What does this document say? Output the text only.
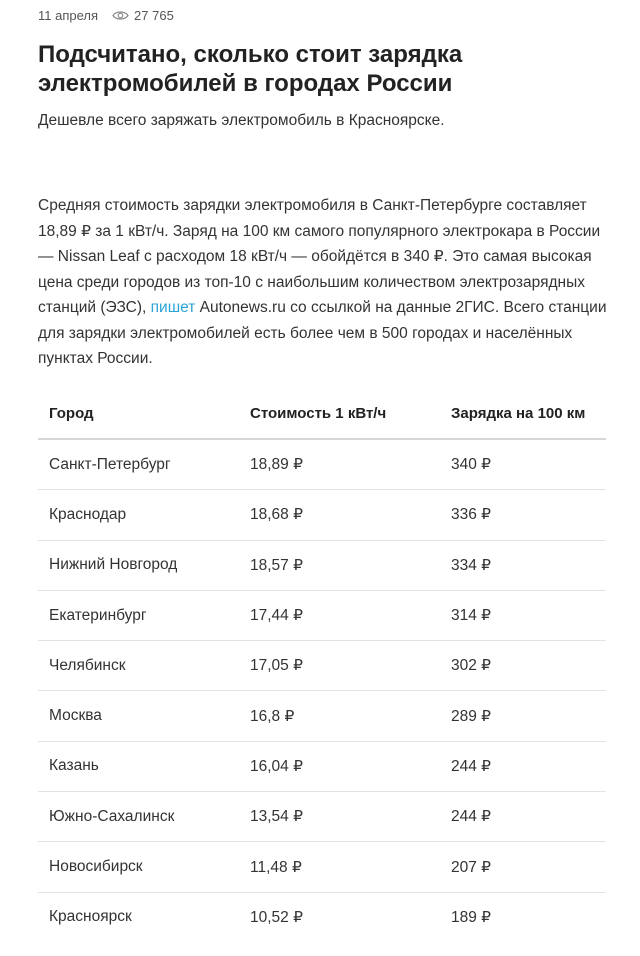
11 апреля	27 765
Подсчитано, сколько стоит зарядка электромобилей в городах России

Дешевле всего заряжать электромобиль в Красноярске.

Средняя стоимость зарядки электромобиля в Санкт-Петербурге составляет 18,89 ₽ за 1 кВт/ч. Заряд на 100 км самого популярного электрокара в России — Nissan Leaf с расходом 18 кВт/ч — обойдётся в 340 ₽. Это самая высокая цена среди городов из топ-10 с наибольшим количеством электрозарядных станций (ЭЗС), пишет Autonews.ru со ссылкой на данные 2ГИС. Всего станции для зарядки электромобилей есть более чем в 500 городах и населённых пунктах России.

Город	Стоимость 1 кВт/ч	Зарядка на 100 км
Санкт-Петербург	18,89 ₽	340 ₽
Краснодар	18,68 ₽	336 ₽
Нижний Новгород	18,57 ₽	334 ₽
Екатеринбург	17,44 ₽	314 ₽
Челябинск	17,05 ₽	302 ₽
Москва	16,8 ₽	289 ₽
Казань	16,04 ₽	244 ₽
Южно-Сахалинск	13,54 ₽	244 ₽
Новосибирск	11,48 ₽	207 ₽
Красноярск	10,52 ₽	189 ₽
